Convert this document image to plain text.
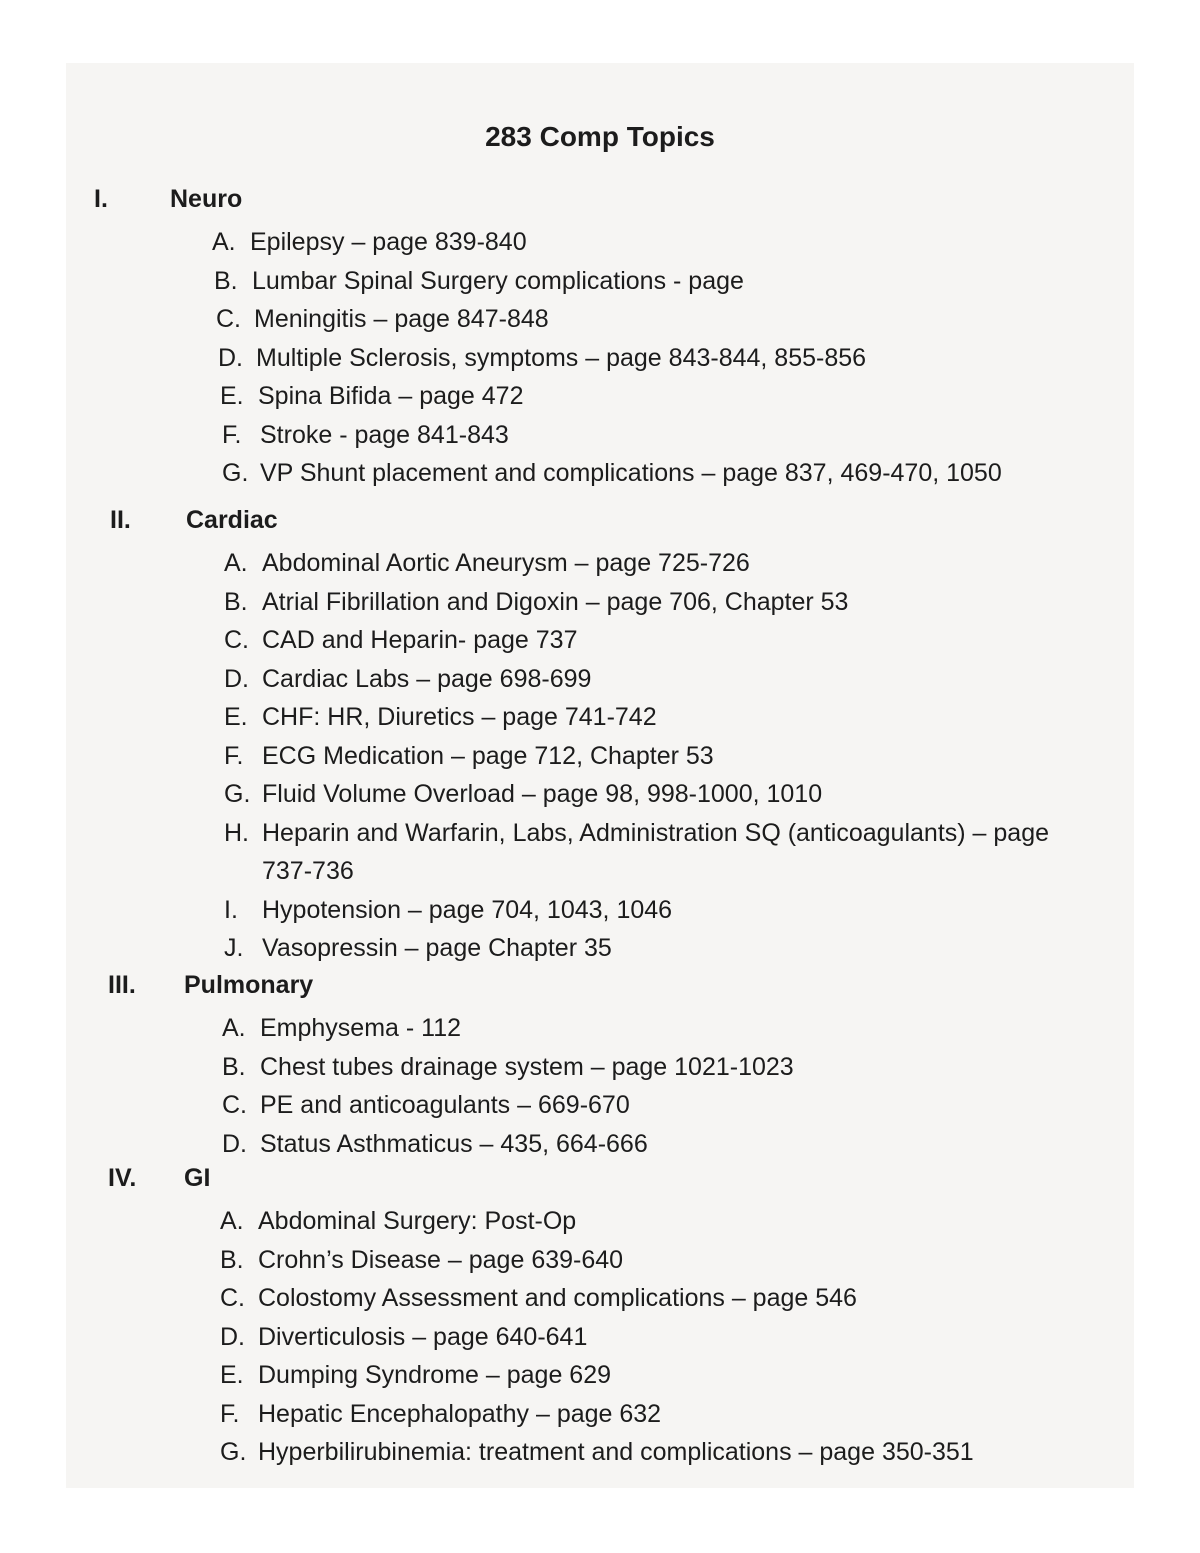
283 Comp Topics
I. Neuro
A. Epilepsy – page 839-840
B. Lumbar Spinal Surgery complications - page
C. Meningitis – page 847-848
D. Multiple Sclerosis, symptoms – page 843-844, 855-856
E. Spina Bifida – page 472
F. Stroke - page 841-843
G. VP Shunt placement and complications – page 837, 469-470, 1050
II. Cardiac
A. Abdominal Aortic Aneurysm – page 725-726
B. Atrial Fibrillation and Digoxin – page 706, Chapter 53
C. CAD and Heparin- page 737
D. Cardiac Labs – page 698-699
E. CHF: HR, Diuretics – page 741-742
F. ECG Medication – page 712, Chapter 53
G. Fluid Volume Overload – page 98, 998-1000, 1010
H. Heparin and Warfarin, Labs, Administration SQ (anticoagulants) – page 737-736
I. Hypotension – page 704, 1043, 1046
J. Vasopressin – page Chapter 35
III. Pulmonary
A. Emphysema - 112
B. Chest tubes drainage system – page 1021-1023
C. PE and anticoagulants – 669-670
D. Status Asthmaticus – 435, 664-666
IV. GI
A. Abdominal Surgery: Post-Op
B. Crohn’s Disease – page 639-640
C. Colostomy Assessment and complications – page 546
D. Diverticulosis – page 640-641
E. Dumping Syndrome – page 629
F. Hepatic Encephalopathy – page 632
G. Hyperbilirubinemia: treatment and complications – page 350-351
